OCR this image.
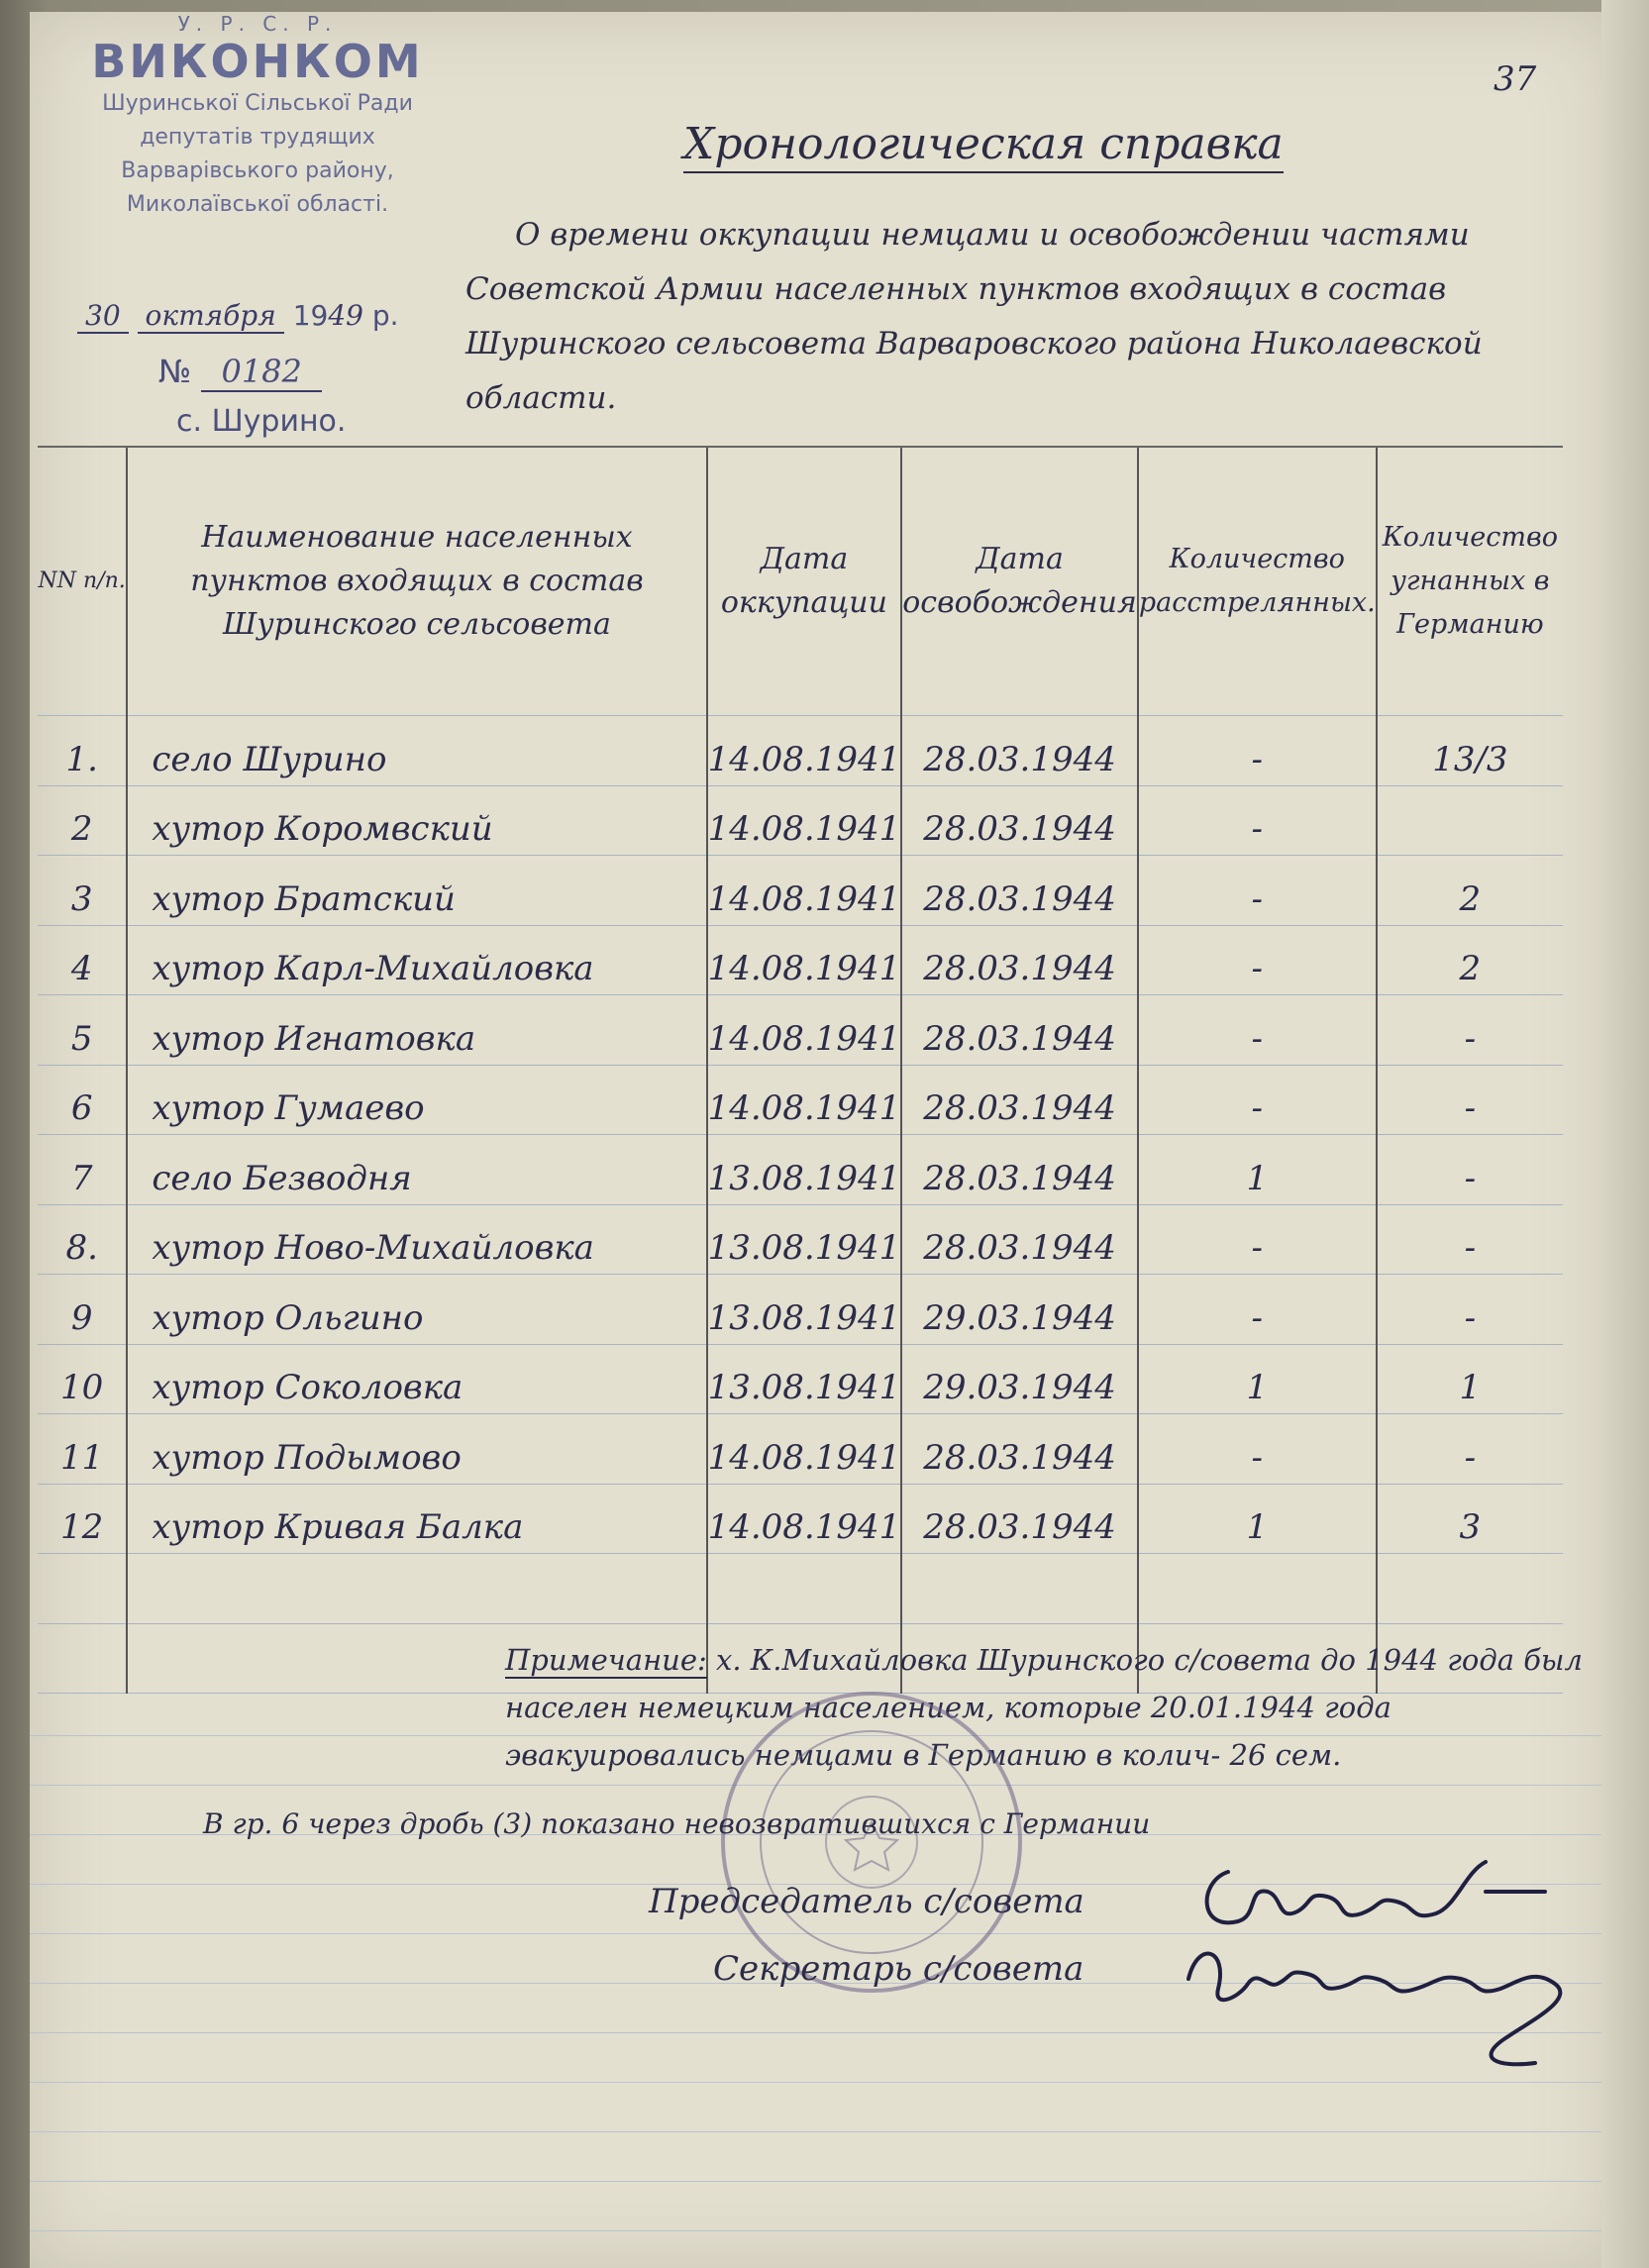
У. Р. С. Р.
ВИКОНКОМ
Шуринської Сільської Ради
депутатів трудящих
Варварівського району,
Миколаївської області.
30 октября 1949 р.
№ 0182
с. Шурино.
37
Хронологическая справка
О времени оккупации немцами и освобождении частями Советской Армии населенных пунктов входящих в состав Шуринского сельсовета Варваровского района Николаевской области.
NN п/п.	Наименование населенных пунктов входящих в состав Шуринского сельсовета	Дата оккупации	Дата освобождения	Количество расстрелянных.	Количество угнанных в Германию
1.	село Шурино	14.08.1941	28.03.1944	-	13/3
2	хутор Коромвский	14.08.1941	28.03.1944	-	
3	хутор Братский	14.08.1941	28.03.1944	-	2
4	хутор Карл-Михайловка	14.08.1941	28.03.1944	-	2
5	хутор Игнатовка	14.08.1941	28.03.1944	-	-
6	хутор Гумаево	14.08.1941	28.03.1944	-	-
7	село Безводня	13.08.1941	28.03.1944	1	-
8.	хутор Ново-Михайловка	13.08.1941	28.03.1944	-	-
9	хутор Ольгино	13.08.1941	29.03.1944	-	-
10	хутор Соколовка	13.08.1941	29.03.1944	1	1
11	хутор Подымово	14.08.1941	28.03.1944	-	-
12	хутор Кривая Балка	14.08.1941	28.03.1944	1	3

Примечание: х. К.Михайловка Шуринского с/совета до 1944 года был населен немецким населением, которые 20.01.1944 года эвакуировались немцами в Германию в колич- 26 сем.
В гр. 6 через дробь (3) показано невозвратившихся с Германии
Председатель с/совета
Секретарь с/совета
